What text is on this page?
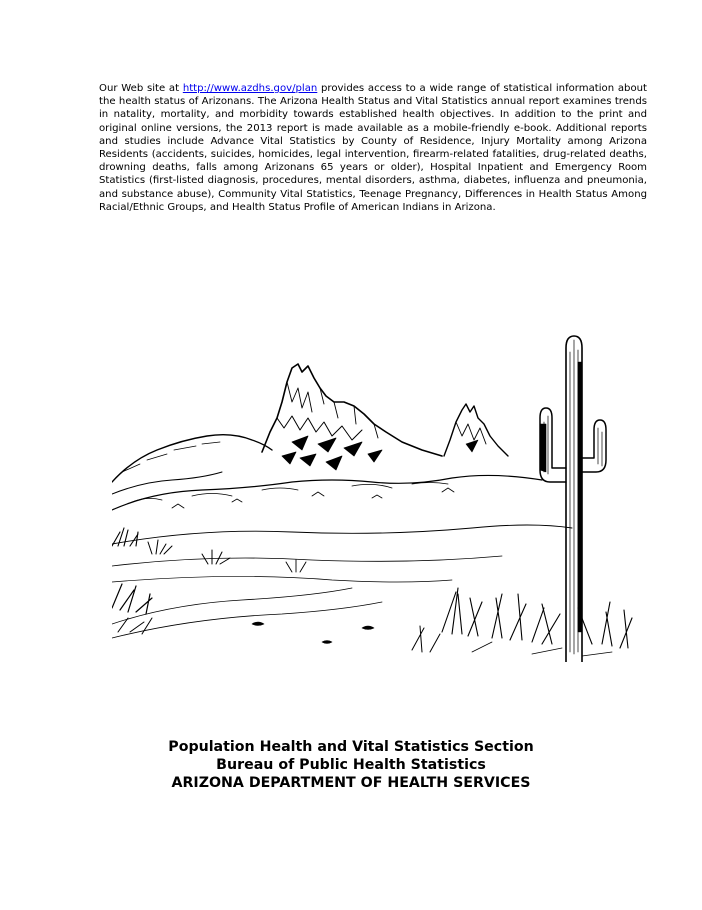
Our Web site at http://www.azdhs.gov/plan provides access to a wide range of statistical information about the health status of Arizonans. The Arizona Health Status and Vital Statistics annual report examines trends in natality, mortality, and morbidity towards established health objectives. In addition to the print and original online versions, the 2013 report is made available as a mobile-friendly e-book. Additional reports and studies include Advance Vital Statistics by County of Residence, Injury Mortality among Arizona Residents (accidents, suicides, homicides, legal intervention, firearm-related fatalities, drug-related deaths, drowning deaths, falls among Arizonans 65 years or older), Hospital Inpatient and Emergency Room Statistics (first-listed diagnosis, procedures, mental disorders, asthma, diabetes, influenza and pneumonia, and substance abuse), Community Vital Statistics, Teenage Pregnancy, Differences in Health Status Among Racial/Ethnic Groups, and Health Status Profile of American Indians in Arizona.

Population Health and Vital Statistics Section
Bureau of Public Health Statistics
ARIZONA DEPARTMENT OF HEALTH SERVICES
